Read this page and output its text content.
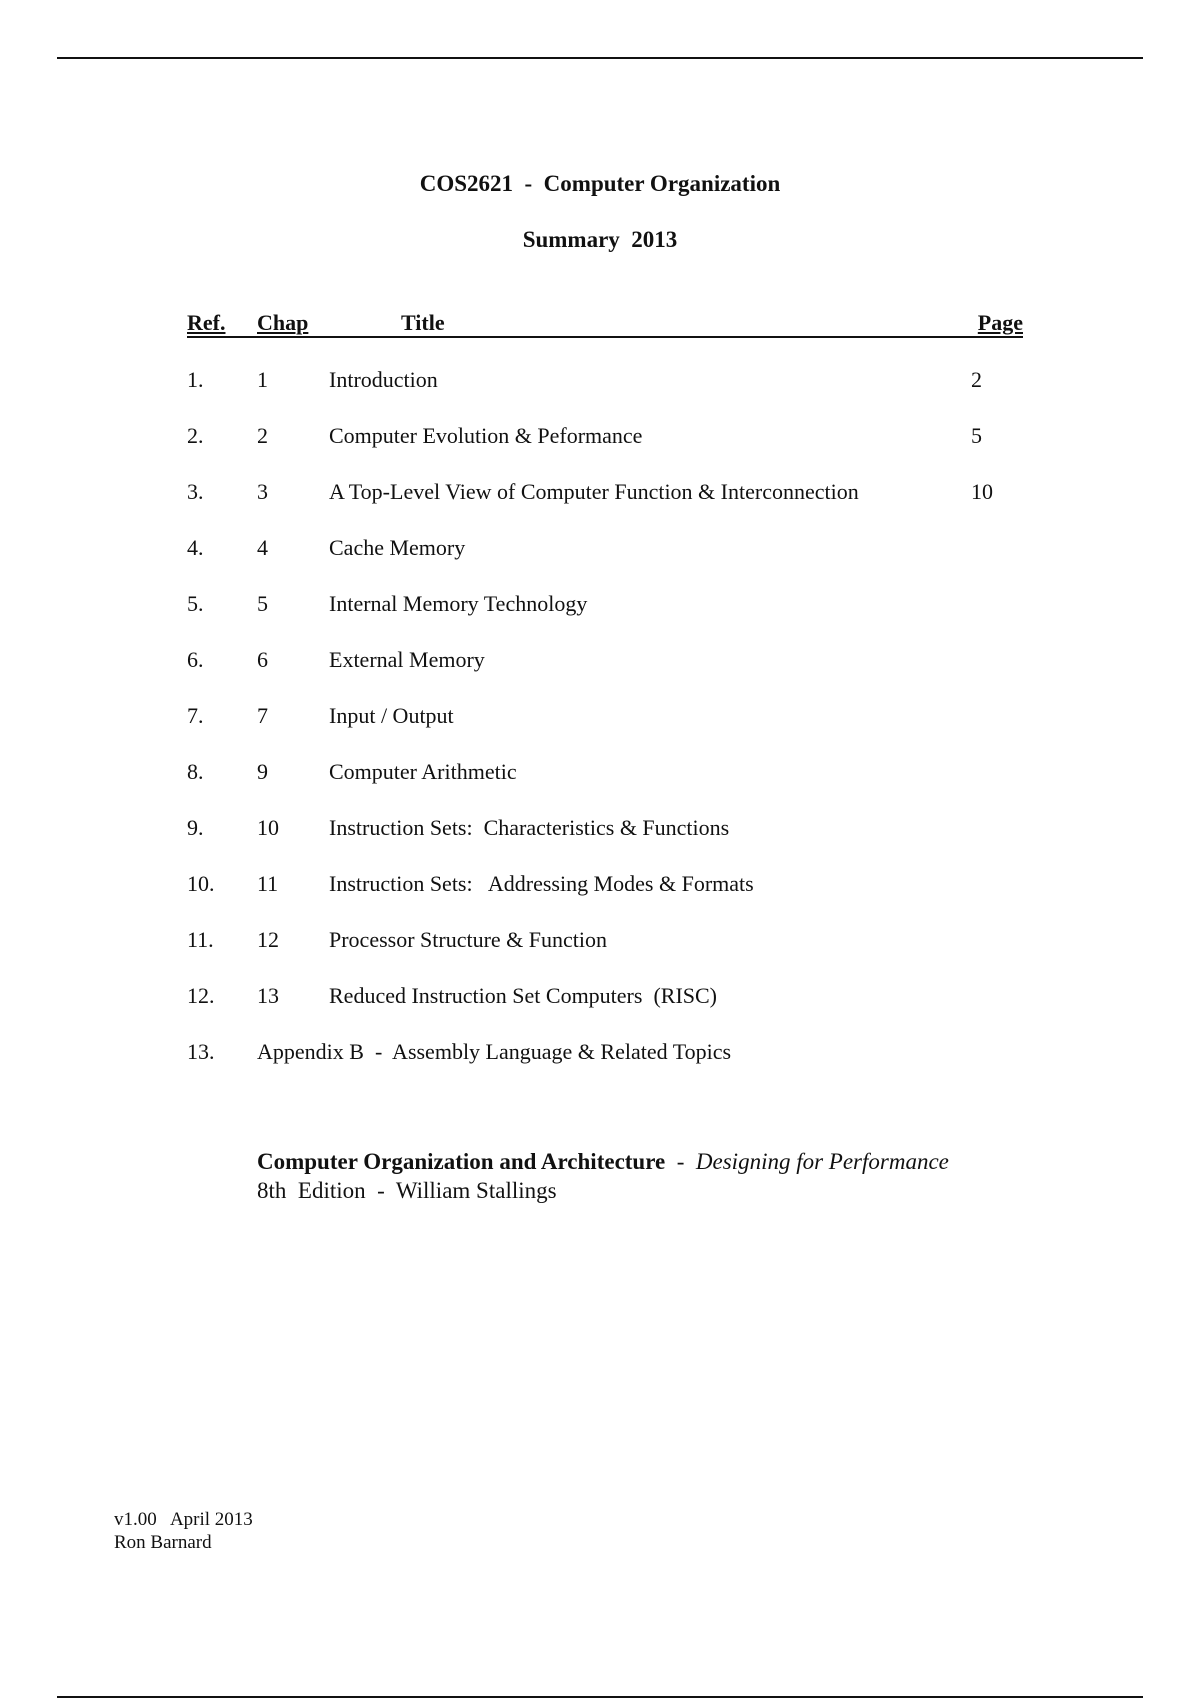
COS2621  -  Computer Organization
Summary  2013
Ref. Chap	Title	Page
1. 1	Introduction	2
2. 2	Computer Evolution & Peformance	5
3. 3	A Top-Level View of Computer Function & Interconnection	10
4. 4	Cache Memory
5. 5	Internal Memory Technology
6. 6	External Memory
7. 7	Input / Output
8. 9	Computer Arithmetic
9. 10 Instruction Sets:  Characteristics & Functions
10. 11 Instruction Sets:   Addressing Modes & Formats
11. 12 Processor Structure & Function
12. 13 Reduced Instruction Set Computers  (RISC)
13. Appendix B  -  Assembly Language & Related Topics
Computer Organization and Architecture  -  Designing for Performance
8th  Edition  -  William Stallings
v1.00   April 2013
Ron Barnard
